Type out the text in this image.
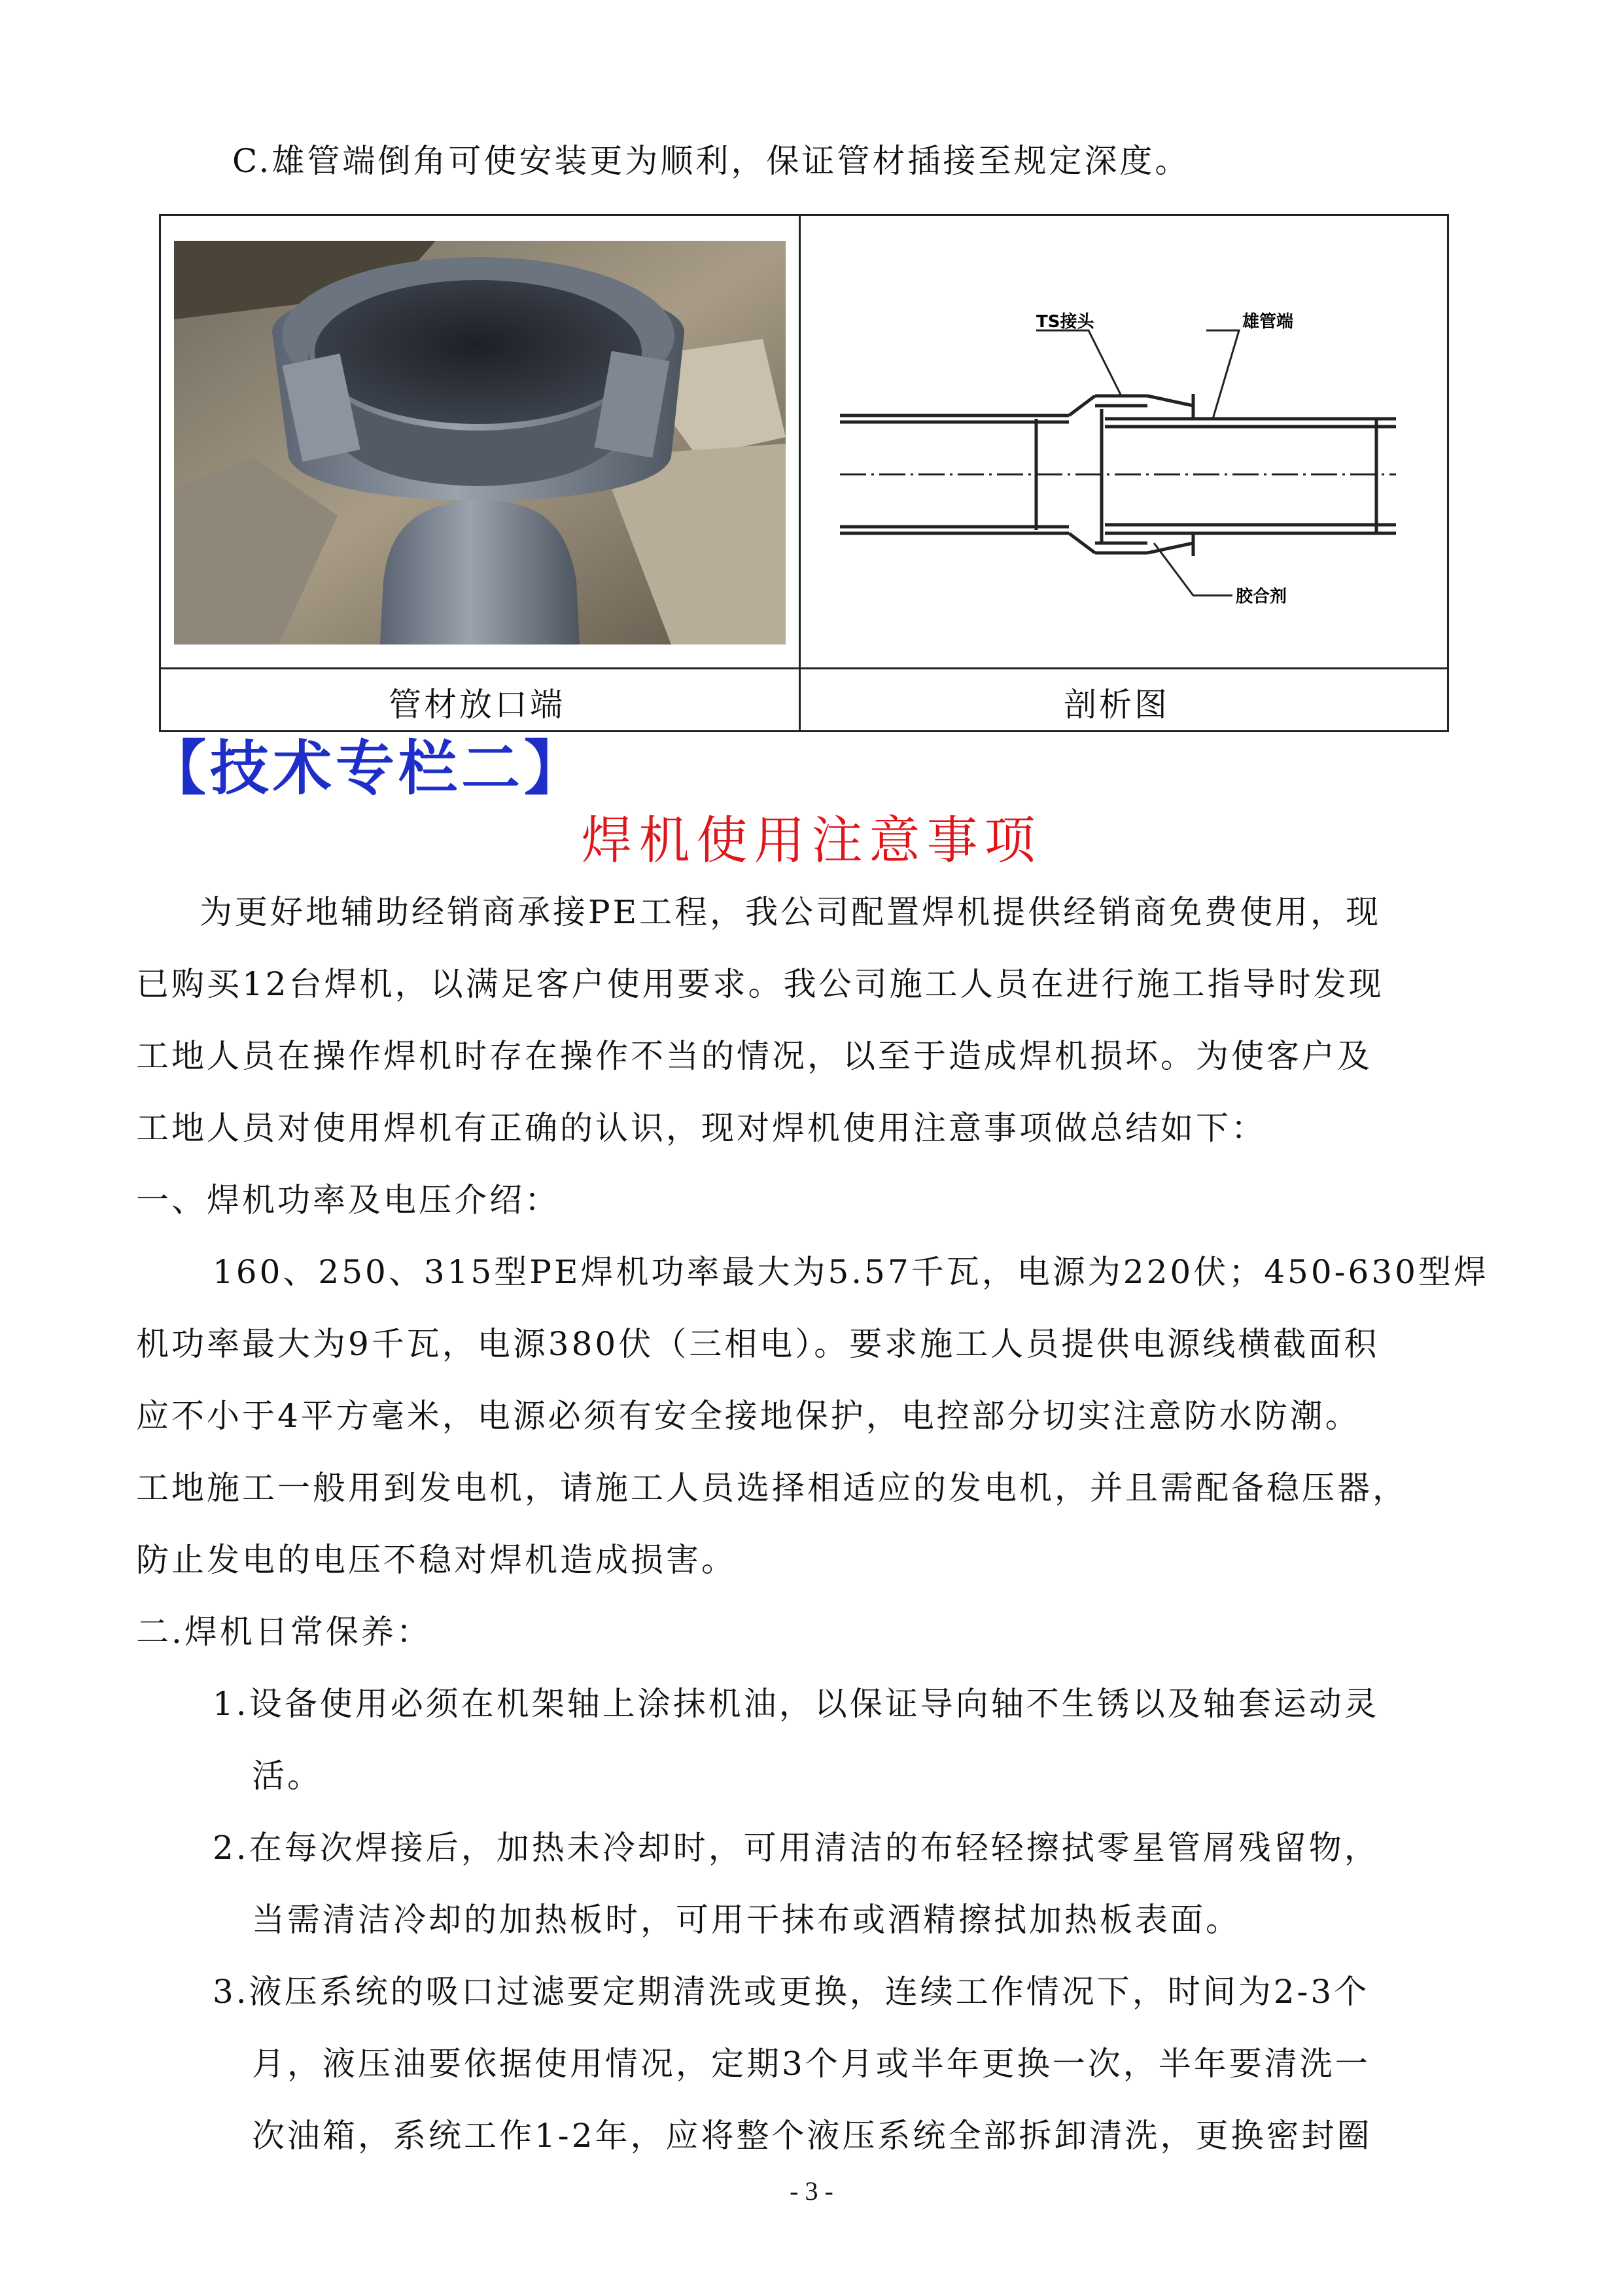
C.雄管端倒角可使安装更为顺利，保证管材插接至规定深度。
TS接头	雄管端
胶合剂
管材放口端	剖析图
【技术专栏二】
焊机使用注意事项
为更好地辅助经销商承接PE工程，我公司配置焊机提供经销商免费使用，现
已购买12台焊机，以满足客户使用要求。我公司施工人员在进行施工指导时发现
工地人员在操作焊机时存在操作不当的情况，以至于造成焊机损坏。为使客户及
工地人员对使用焊机有正确的认识，现对焊机使用注意事项做总结如下：
一、焊机功率及电压介绍：
160、250、315型PE焊机功率最大为5.57千瓦，电源为220伏；450-630型焊
机功率最大为9千瓦，电源380伏（三相电）。要求施工人员提供电源线横截面积
应不小于4平方毫米，电源必须有安全接地保护，电控部分切实注意防水防潮。
工地施工一般用到发电机，请施工人员选择相适应的发电机，并且需配备稳压器，
防止发电的电压不稳对焊机造成损害。
二.焊机日常保养：
1.设备使用必须在机架轴上涂抹机油，以保证导向轴不生锈以及轴套运动灵
活。
2.在每次焊接后，加热未冷却时，可用清洁的布轻轻擦拭零星管屑残留物，
当需清洁冷却的加热板时，可用干抹布或酒精擦拭加热板表面。
3.液压系统的吸口过滤要定期清洗或更换，连续工作情况下，时间为2-3个
月，液压油要依据使用情况，定期3个月或半年更换一次，半年要清洗一
次油箱，系统工作1-2年，应将整个液压系统全部拆卸清洗，更换密封圈
- 3 -
